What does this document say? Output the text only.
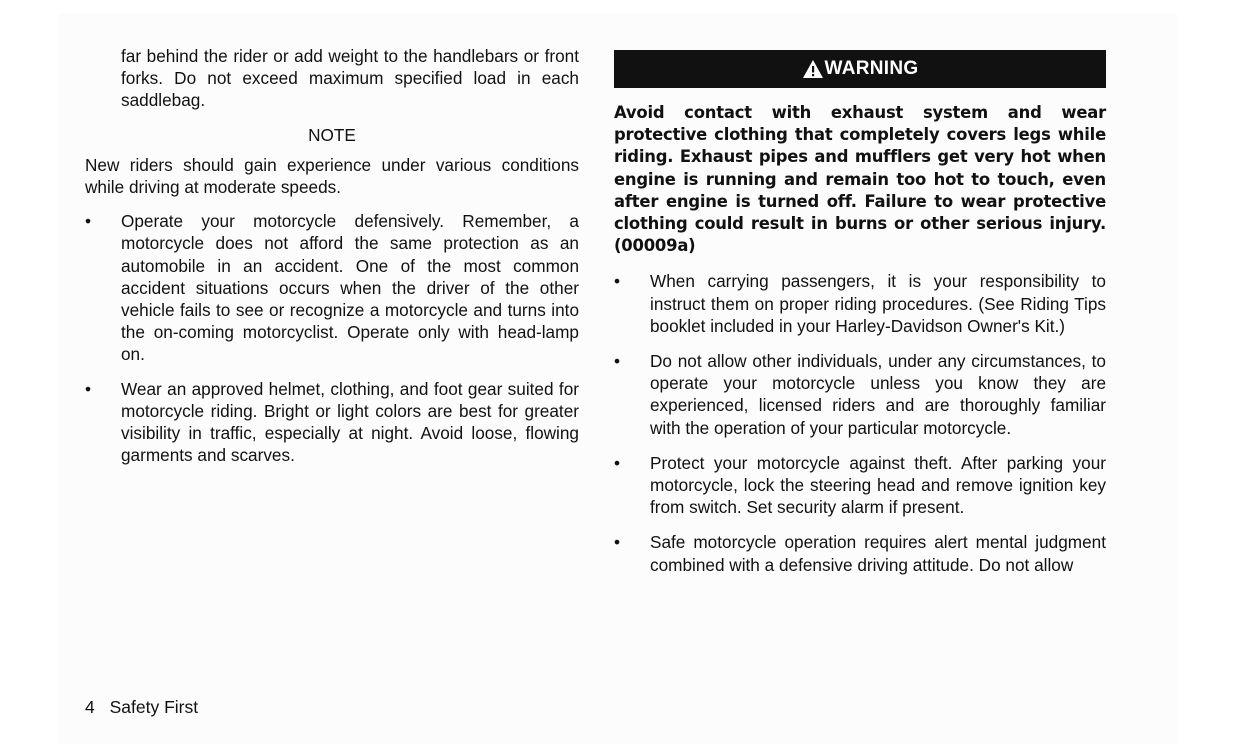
far behind the rider or add weight to the handlebars or front forks. Do not exceed maximum specified load in each saddlebag.
NOTE
New riders should gain experience under various conditions while driving at moderate speeds.
• Operate your motorcycle defensively. Remember, a motorcycle does not afford the same protection as an automobile in an accident. One of the most common accident situations occurs when the driver of the other vehicle fails to see or recognize a motorcycle and turns into the on-coming motorcyclist. Operate only with head-lamp on.
• Wear an approved helmet, clothing, and foot gear suited for motorcycle riding. Bright or light colors are best for greater visibility in traffic, especially at night. Avoid loose, flowing garments and scarves.
WARNING
Avoid contact with exhaust system and wear protective clothing that completely covers legs while riding. Exhaust pipes and mufflers get very hot when engine is running and remain too hot to touch, even after engine is turned off. Failure to wear protective clothing could result in burns or other serious injury. (00009a)
• When carrying passengers, it is your responsibility to instruct them on proper riding procedures. (See Riding Tips booklet included in your Harley-Davidson Owner's Kit.)
• Do not allow other individuals, under any circumstances, to operate your motorcycle unless you know they are experienced, licensed riders and are thoroughly familiar with the operation of your particular motorcycle.
• Protect your motorcycle against theft. After parking your motorcycle, lock the steering head and remove ignition key from switch. Set security alarm if present.
• Safe motorcycle operation requires alert mental judgment combined with a defensive driving attitude. Do not allow
4 Safety First
